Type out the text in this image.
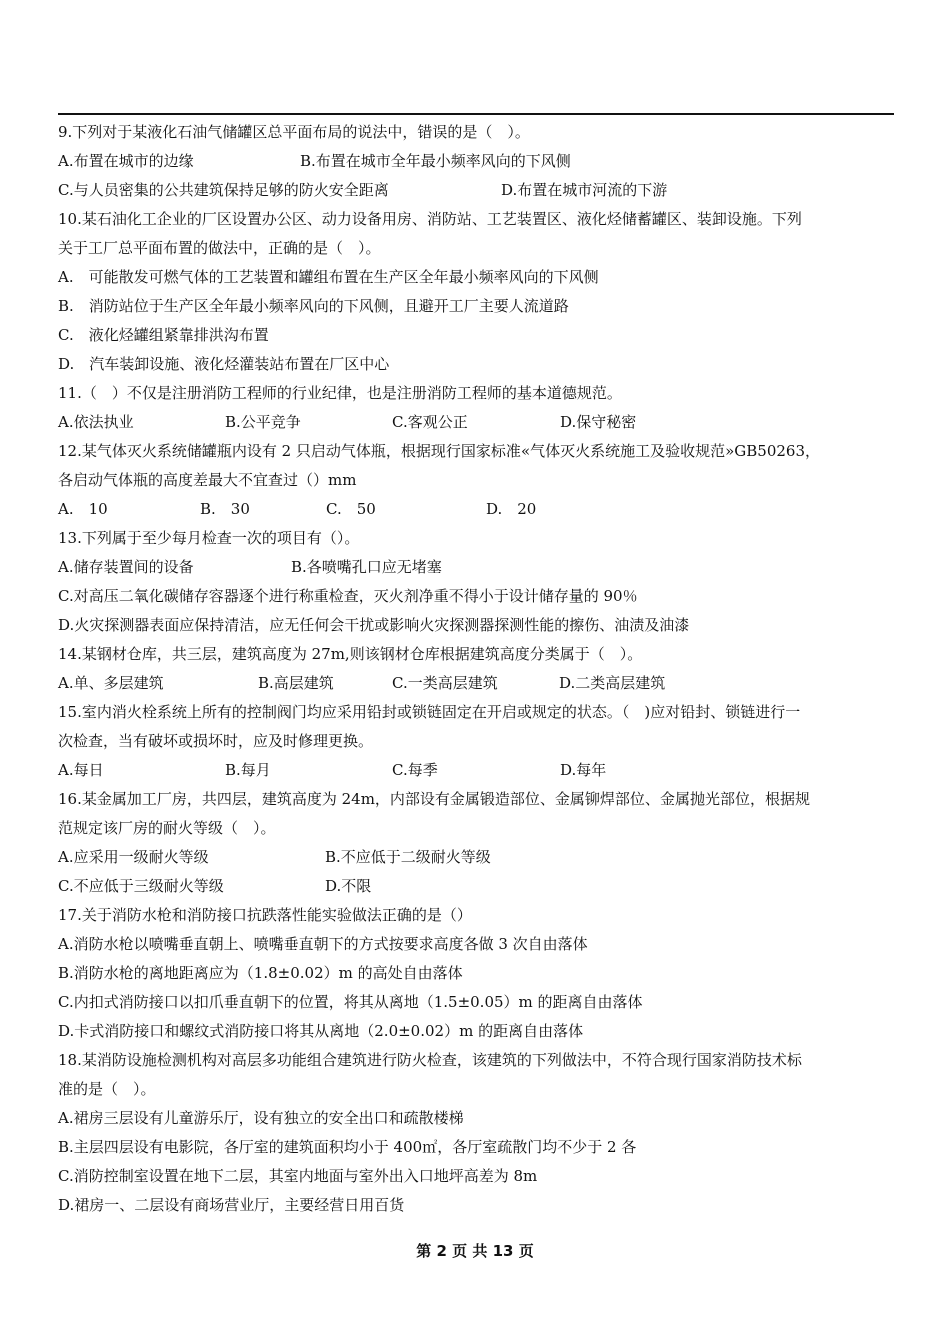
9.下列对于某液化石油气储罐区总平面布局的说法中，错误的是（　）。
A.布置在城市的边缘	B.布置在城市全年最小频率风向的下风侧
C.与人员密集的公共建筑保持足够的防火安全距离	D.布置在城市河流的下游
10.某石油化工企业的厂区设置办公区、动力设备用房、消防站、工艺装置区、液化烃储蓄罐区、装卸设施。下列
关于工厂总平面布置的做法中，正确的是（　）。
A.　可能散发可燃气体的工艺装置和罐组布置在生产区全年最小频率风向的下风侧
B.　消防站位于生产区全年最小频率风向的下风侧，且避开工厂主要人流道路
C.　液化烃罐组紧靠排洪沟布置
D.　汽车装卸设施、液化烃灌装站布置在厂区中心
11.（　）不仅是注册消防工程师的行业纪律，也是注册消防工程师的基本道德规范。
A.依法执业	B.公平竞争	C.客观公正	D.保守秘密
12.某气体灭火系统储罐瓶内设有 2 只启动气体瓶，根据现行国家标准«气体灭火系统施工及验收规范»GB50263，
各启动气体瓶的高度差最大不宜查过（）mm
A.　10	B.　30	C.　50	D.　20
13.下列属于至少每月检查一次的项目有（）。
A.储存装置间的设备	B.各喷嘴孔口应无堵塞
C.对高压二氧化碳储存容器逐个进行称重检查，灭火剂净重不得小于设计储存量的 90％
D.火灾探测器表面应保持清洁，应无任何会干扰或影响火灾探测器探测性能的擦伤、油渍及油漆
14.某钢材仓库，共三层，建筑高度为 27m,则该钢材仓库根据建筑高度分类属于（　）。
A.单、多层建筑	B.高层建筑	C.一类高层建筑	D.二类高层建筑
15.室内消火栓系统上所有的控制阀门均应采用铅封或锁链固定在开启或规定的状态。（　)应对铅封、锁链进行一
次检查，当有破坏或损坏时，应及时修理更换。
A.每日	B.每月	C.每季	D.每年
16.某金属加工厂房，共四层，建筑高度为 24m，内部设有金属锻造部位、金属铆焊部位、金属抛光部位，根据规
范规定该厂房的耐火等级（　）。
A.应采用一级耐火等级	B.不应低于二级耐火等级
C.不应低于三级耐火等级	D.不限
17.关于消防水枪和消防接口抗跌落性能实验做法正确的是（）
A.消防水枪以喷嘴垂直朝上、喷嘴垂直朝下的方式按要求高度各做 3 次自由落体
B.消防水枪的离地距离应为（1.8±0.02）m 的高处自由落体
C.内扣式消防接口以扣爪垂直朝下的位置，将其从离地（1.5±0.05）m 的距离自由落体
D.卡式消防接口和螺纹式消防接口将其从离地（2.0±0.02）m 的距离自由落体
18.某消防设施检测机构对高层多功能组合建筑进行防火检查，该建筑的下列做法中，不符合现行国家消防技术标
准的是（　）。
A.裙房三层设有儿童游乐厅，设有独立的安全出口和疏散楼梯
B.主层四层设有电影院，各厅室的建筑面积均小于 400㎡，各厅室疏散门均不少于 2 各
C.消防控制室设置在地下二层，其室内地面与室外出入口地坪高差为 8m
D.裙房一、二层设有商场营业厅，主要经营日用百货
第 2 页 共 13 页
